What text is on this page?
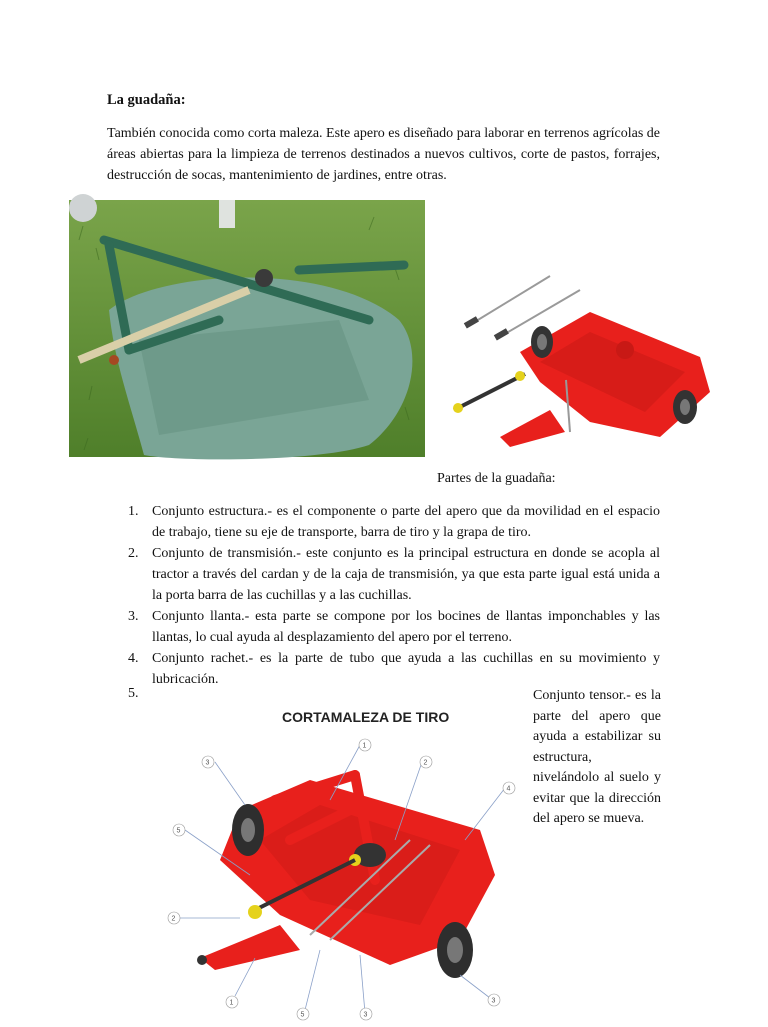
La guadaña:
También conocida como corta maleza. Este apero es diseñado para laborar en terrenos agrícolas de áreas abiertas para la limpieza de terrenos destinados a nuevos cultivos, corte de pastos, forrajes, destrucción de socas, mantenimiento de jardines, entre otras.
Partes de la guadaña:
1. Conjunto estructura.- es el componente o parte del apero que da movilidad en el espacio de trabajo, tiene su eje de transporte, barra de tiro y la grapa de tiro.
2. Conjunto de transmisión.- este conjunto es la principal estructura en donde se acopla al tractor a través del cardan y de la caja de transmisión, ya que esta parte igual está unida a la porta barra de las cuchillas y a las cuchillas.
3. Conjunto llanta.- esta parte se compone por los bocines de llantas imponchables y las llantas, lo cual ayuda al desplazamiento del apero por el terreno.
4. Conjunto rachet.- es la parte de tubo que ayuda a las cuchillas en su movimiento y lubricación.
5.	Conjunto tensor.- es la parte del apero que ayuda a estabilizar su estructura, nivelándolo al suelo y evitar que la dirección del apero se mueva.
CORTAMALEZA DE TIRO
1
2
3
4
5
2
1
5	3
3
